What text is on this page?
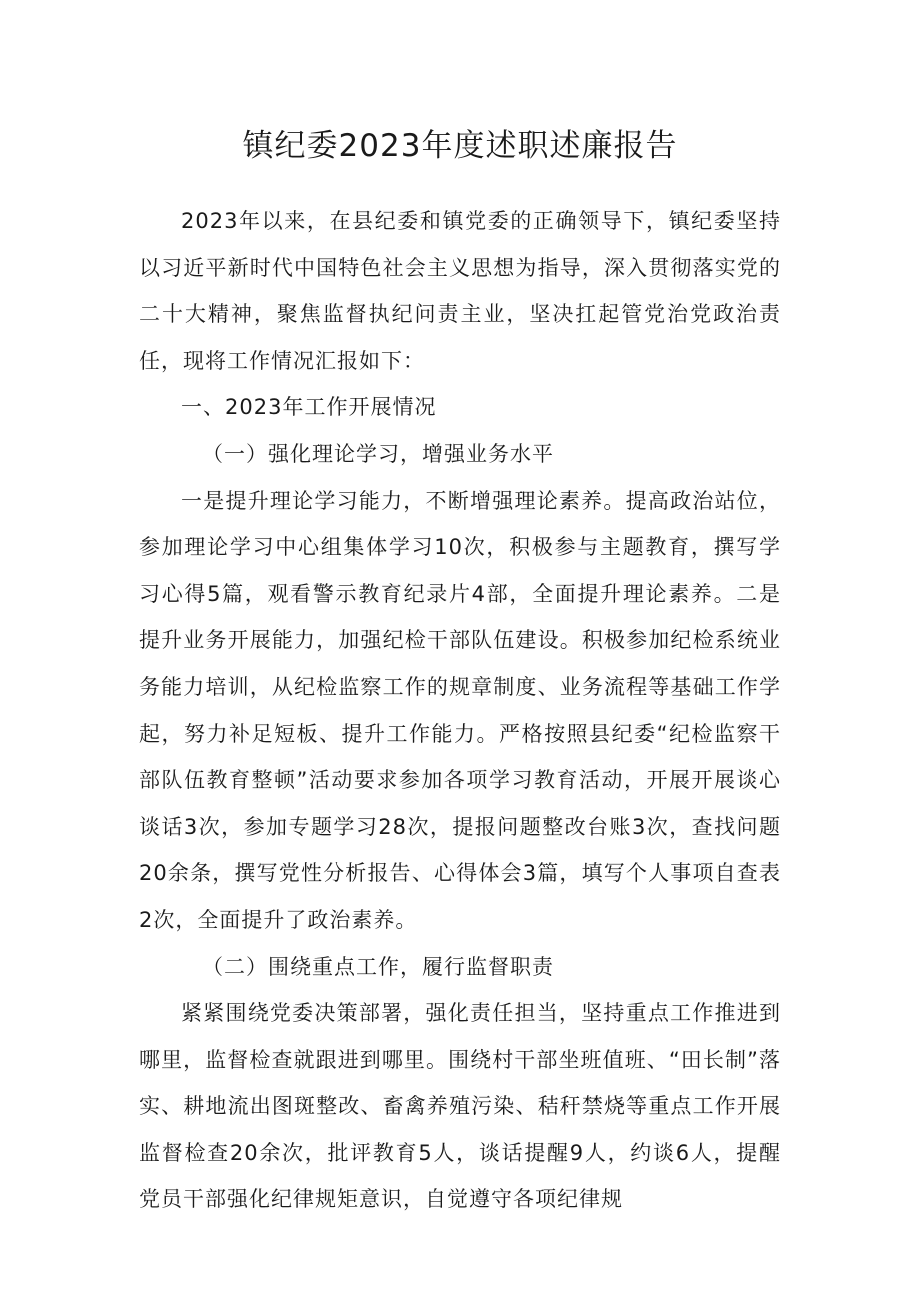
镇纪委2023年度述职述廉报告

2023年以来，在县纪委和镇党委的正确领导下，镇纪委坚持以习近平新时代中国特色社会主义思想为指导，深入贯彻落实党的二十大精神，聚焦监督执纪问责主业，坚决扛起管党治党政治责任，现将工作情况汇报如下：

一、2023年工作开展情况

（一）强化理论学习，增强业务水平

一是提升理论学习能力，不断增强理论素养。提高政治站位，参加理论学习中心组集体学习10次，积极参与主题教育，撰写学习心得5篇，观看警示教育纪录片4部，全面提升理论素养。二是提升业务开展能力，加强纪检干部队伍建设。积极参加纪检系统业务能力培训，从纪检监察工作的规章制度、业务流程等基础工作学起，努力补足短板、提升工作能力。严格按照县纪委“纪检监察干部队伍教育整顿”活动要求参加各项学习教育活动，开展开展谈心谈话3次，参加专题学习28次，提报问题整改台账3次，查找问题20余条，撰写党性分析报告、心得体会3篇，填写个人事项自查表2次，全面提升了政治素养。

（二）围绕重点工作，履行监督职责

紧紧围绕党委决策部署，强化责任担当，坚持重点工作推进到哪里，监督检查就跟进到哪里。围绕村干部坐班值班、“田长制”落实、耕地流出图斑整改、畜禽养殖污染、秸秆禁烧等重点工作开展监督检查20余次，批评教育5人，谈话提醒9人，约谈6人，提醒党员干部强化纪律规矩意识，自觉遵守各项纪律规
